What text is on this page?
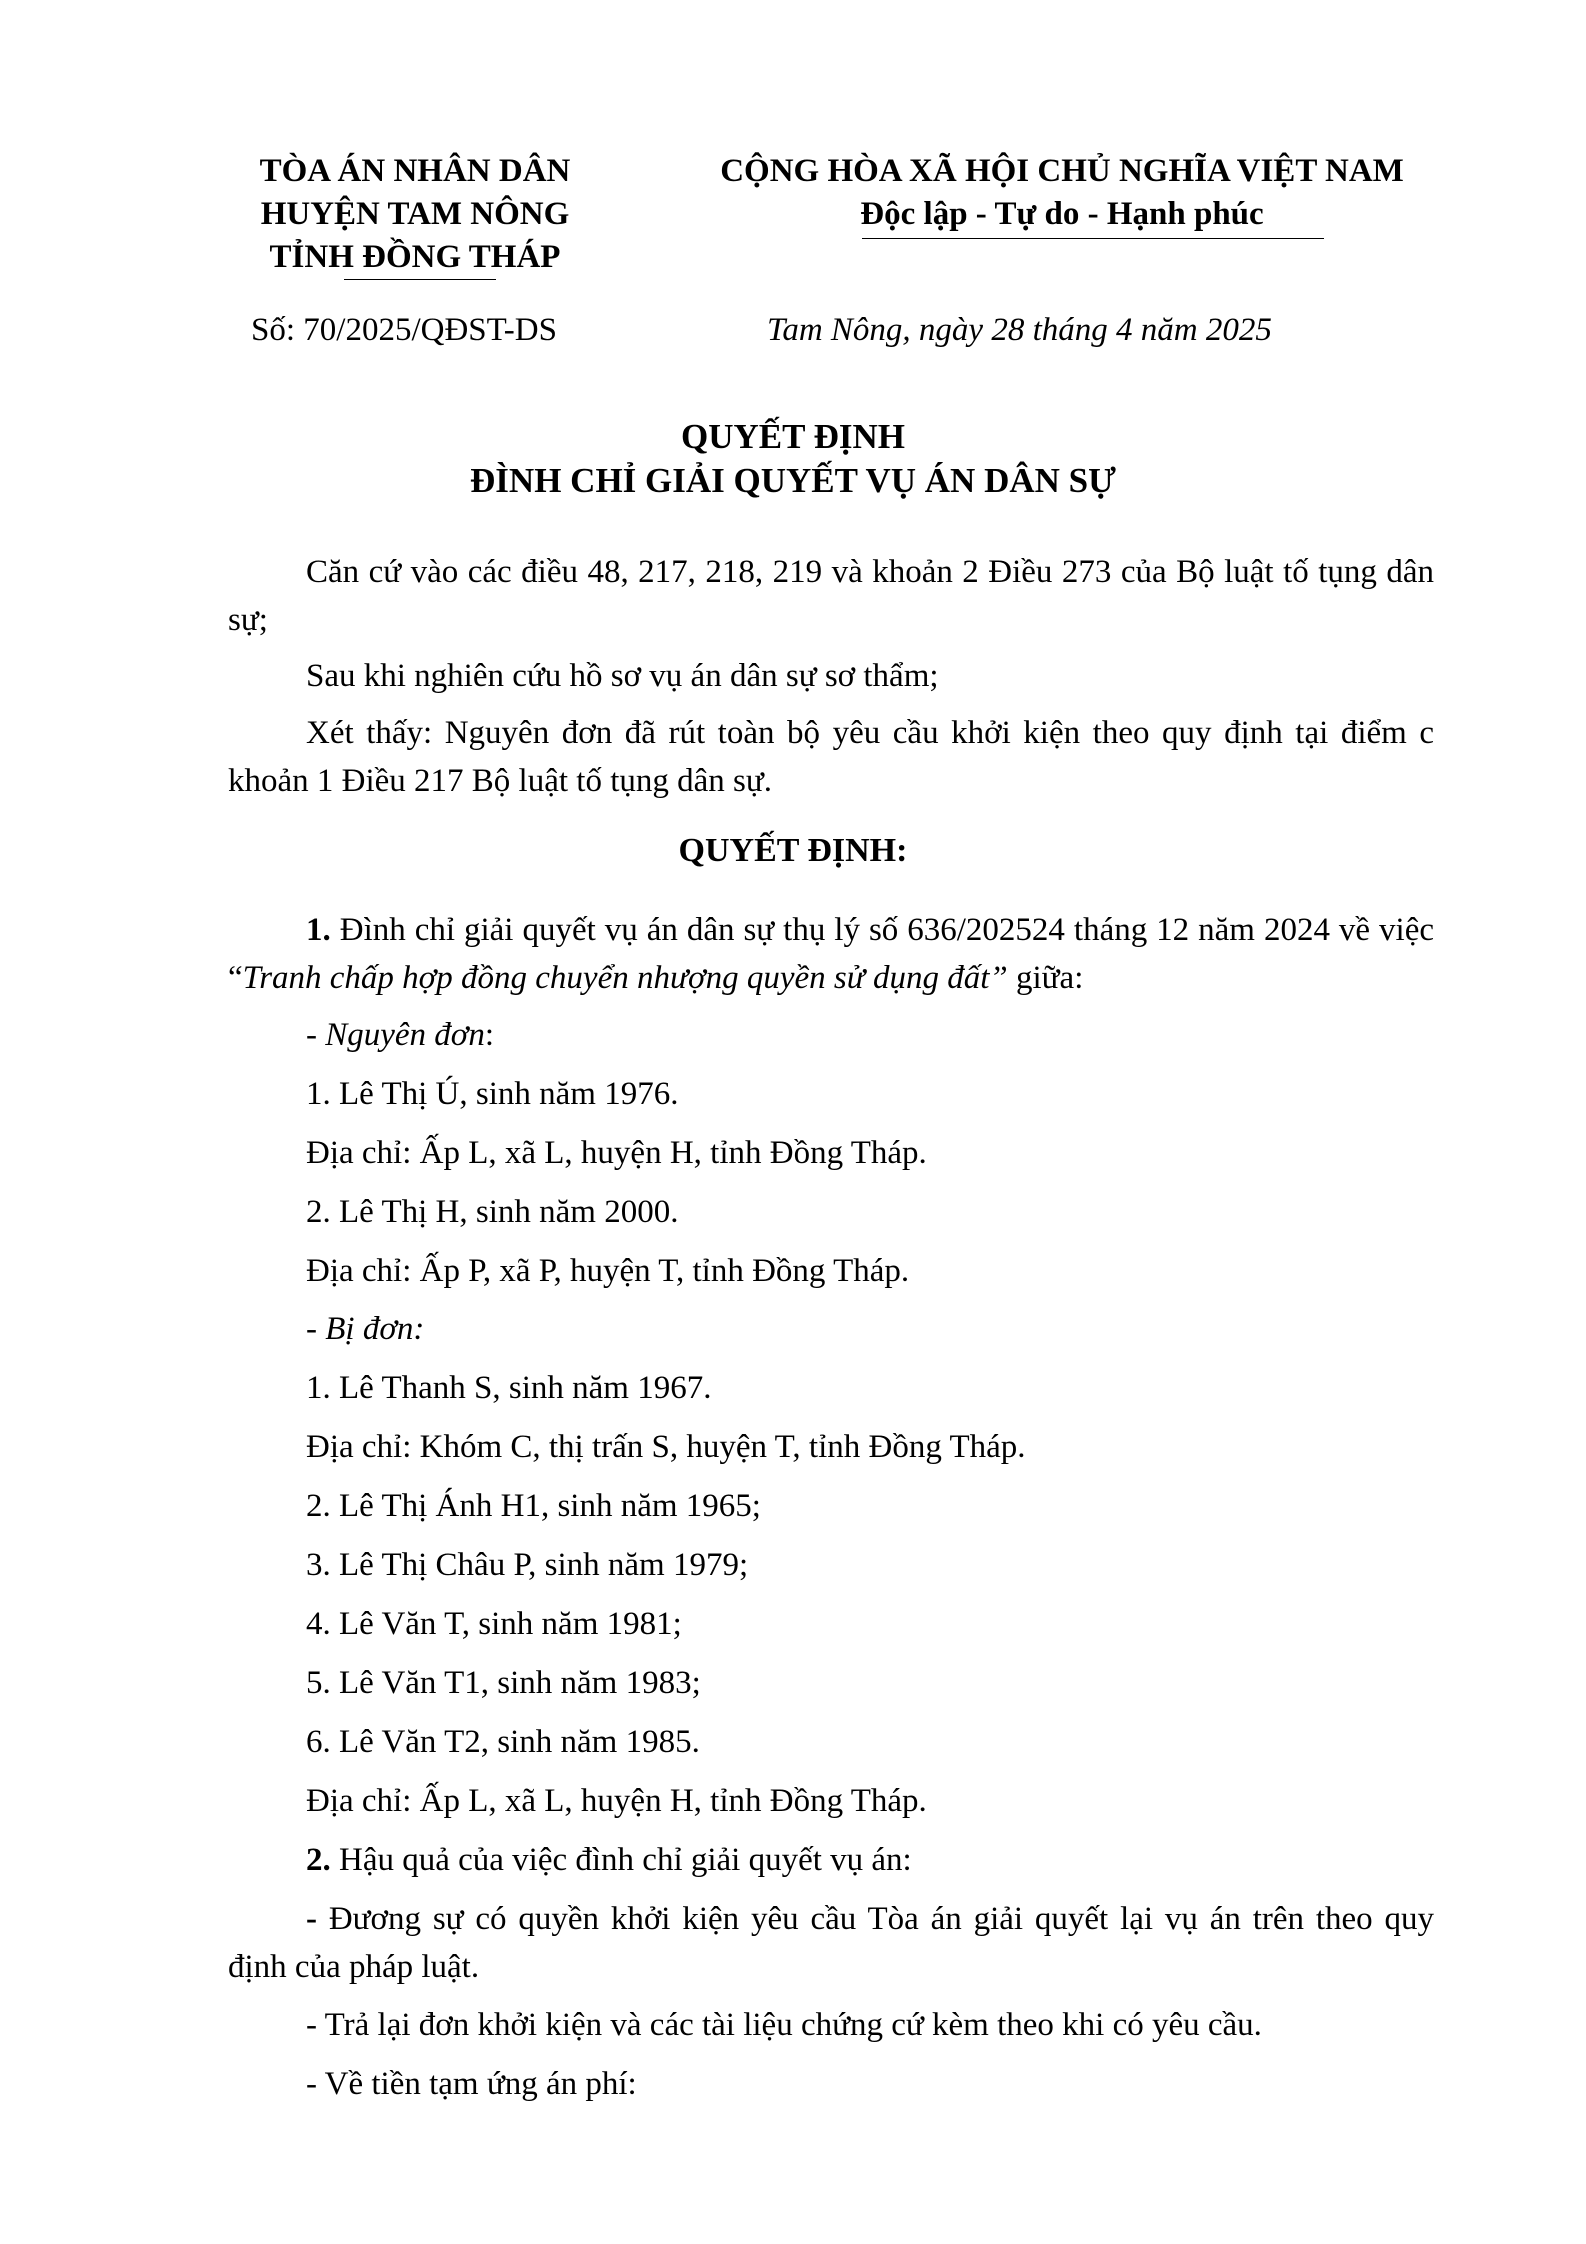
TÒA ÁN NHÂN DÂN
HUYỆN TAM NÔNG
TỈNH ĐỒNG THÁP
CỘNG HÒA XÃ HỘI CHỦ NGHĨA VIỆT NAM
Độc lập - Tự do - Hạnh phúc
Số: 70/2025/QĐST-DS	Tam Nông, ngày 28 tháng 4 năm 2025
QUYẾT ĐỊNH
ĐÌNH CHỈ GIẢI QUYẾT VỤ ÁN DÂN SỰ
Căn cứ vào các điều 48, 217, 218, 219 và khoản 2 Điều 273 của Bộ luật tố tụng dân sự;
Sau khi nghiên cứu hồ sơ vụ án dân sự sơ thẩm;
Xét thấy: Nguyên đơn đã rút toàn bộ yêu cầu khởi kiện theo quy định tại điểm c khoản 1 Điều 217 Bộ luật tố tụng dân sự.
QUYẾT ĐỊNH:
1. Đình chỉ giải quyết vụ án dân sự thụ lý số 636/202524 tháng 12 năm 2024 về việc “Tranh chấp hợp đồng chuyển nhượng quyền sử dụng đất” giữa:
- Nguyên đơn:
1. Lê Thị Ú, sinh năm 1976.
Địa chỉ: Ấp L, xã L, huyện H, tỉnh Đồng Tháp.
2. Lê Thị H, sinh năm 2000.
Địa chỉ: Ấp P, xã P, huyện T, tỉnh Đồng Tháp.
- Bị đơn:
1. Lê Thanh S, sinh năm 1967.
Địa chỉ: Khóm C, thị trấn S, huyện T, tỉnh Đồng Tháp.
2. Lê Thị Ánh H1, sinh năm 1965;
3. Lê Thị Châu P, sinh năm 1979;
4. Lê Văn T, sinh năm 1981;
5. Lê Văn T1, sinh năm 1983;
6. Lê Văn T2, sinh năm 1985.
Địa chỉ: Ấp L, xã L, huyện H, tỉnh Đồng Tháp.
2. Hậu quả của việc đình chỉ giải quyết vụ án:
- Đương sự có quyền khởi kiện yêu cầu Tòa án giải quyết lại vụ án trên theo quy định của pháp luật.
- Trả lại đơn khởi kiện và các tài liệu chứng cứ kèm theo khi có yêu cầu.
- Về tiền tạm ứng án phí:
